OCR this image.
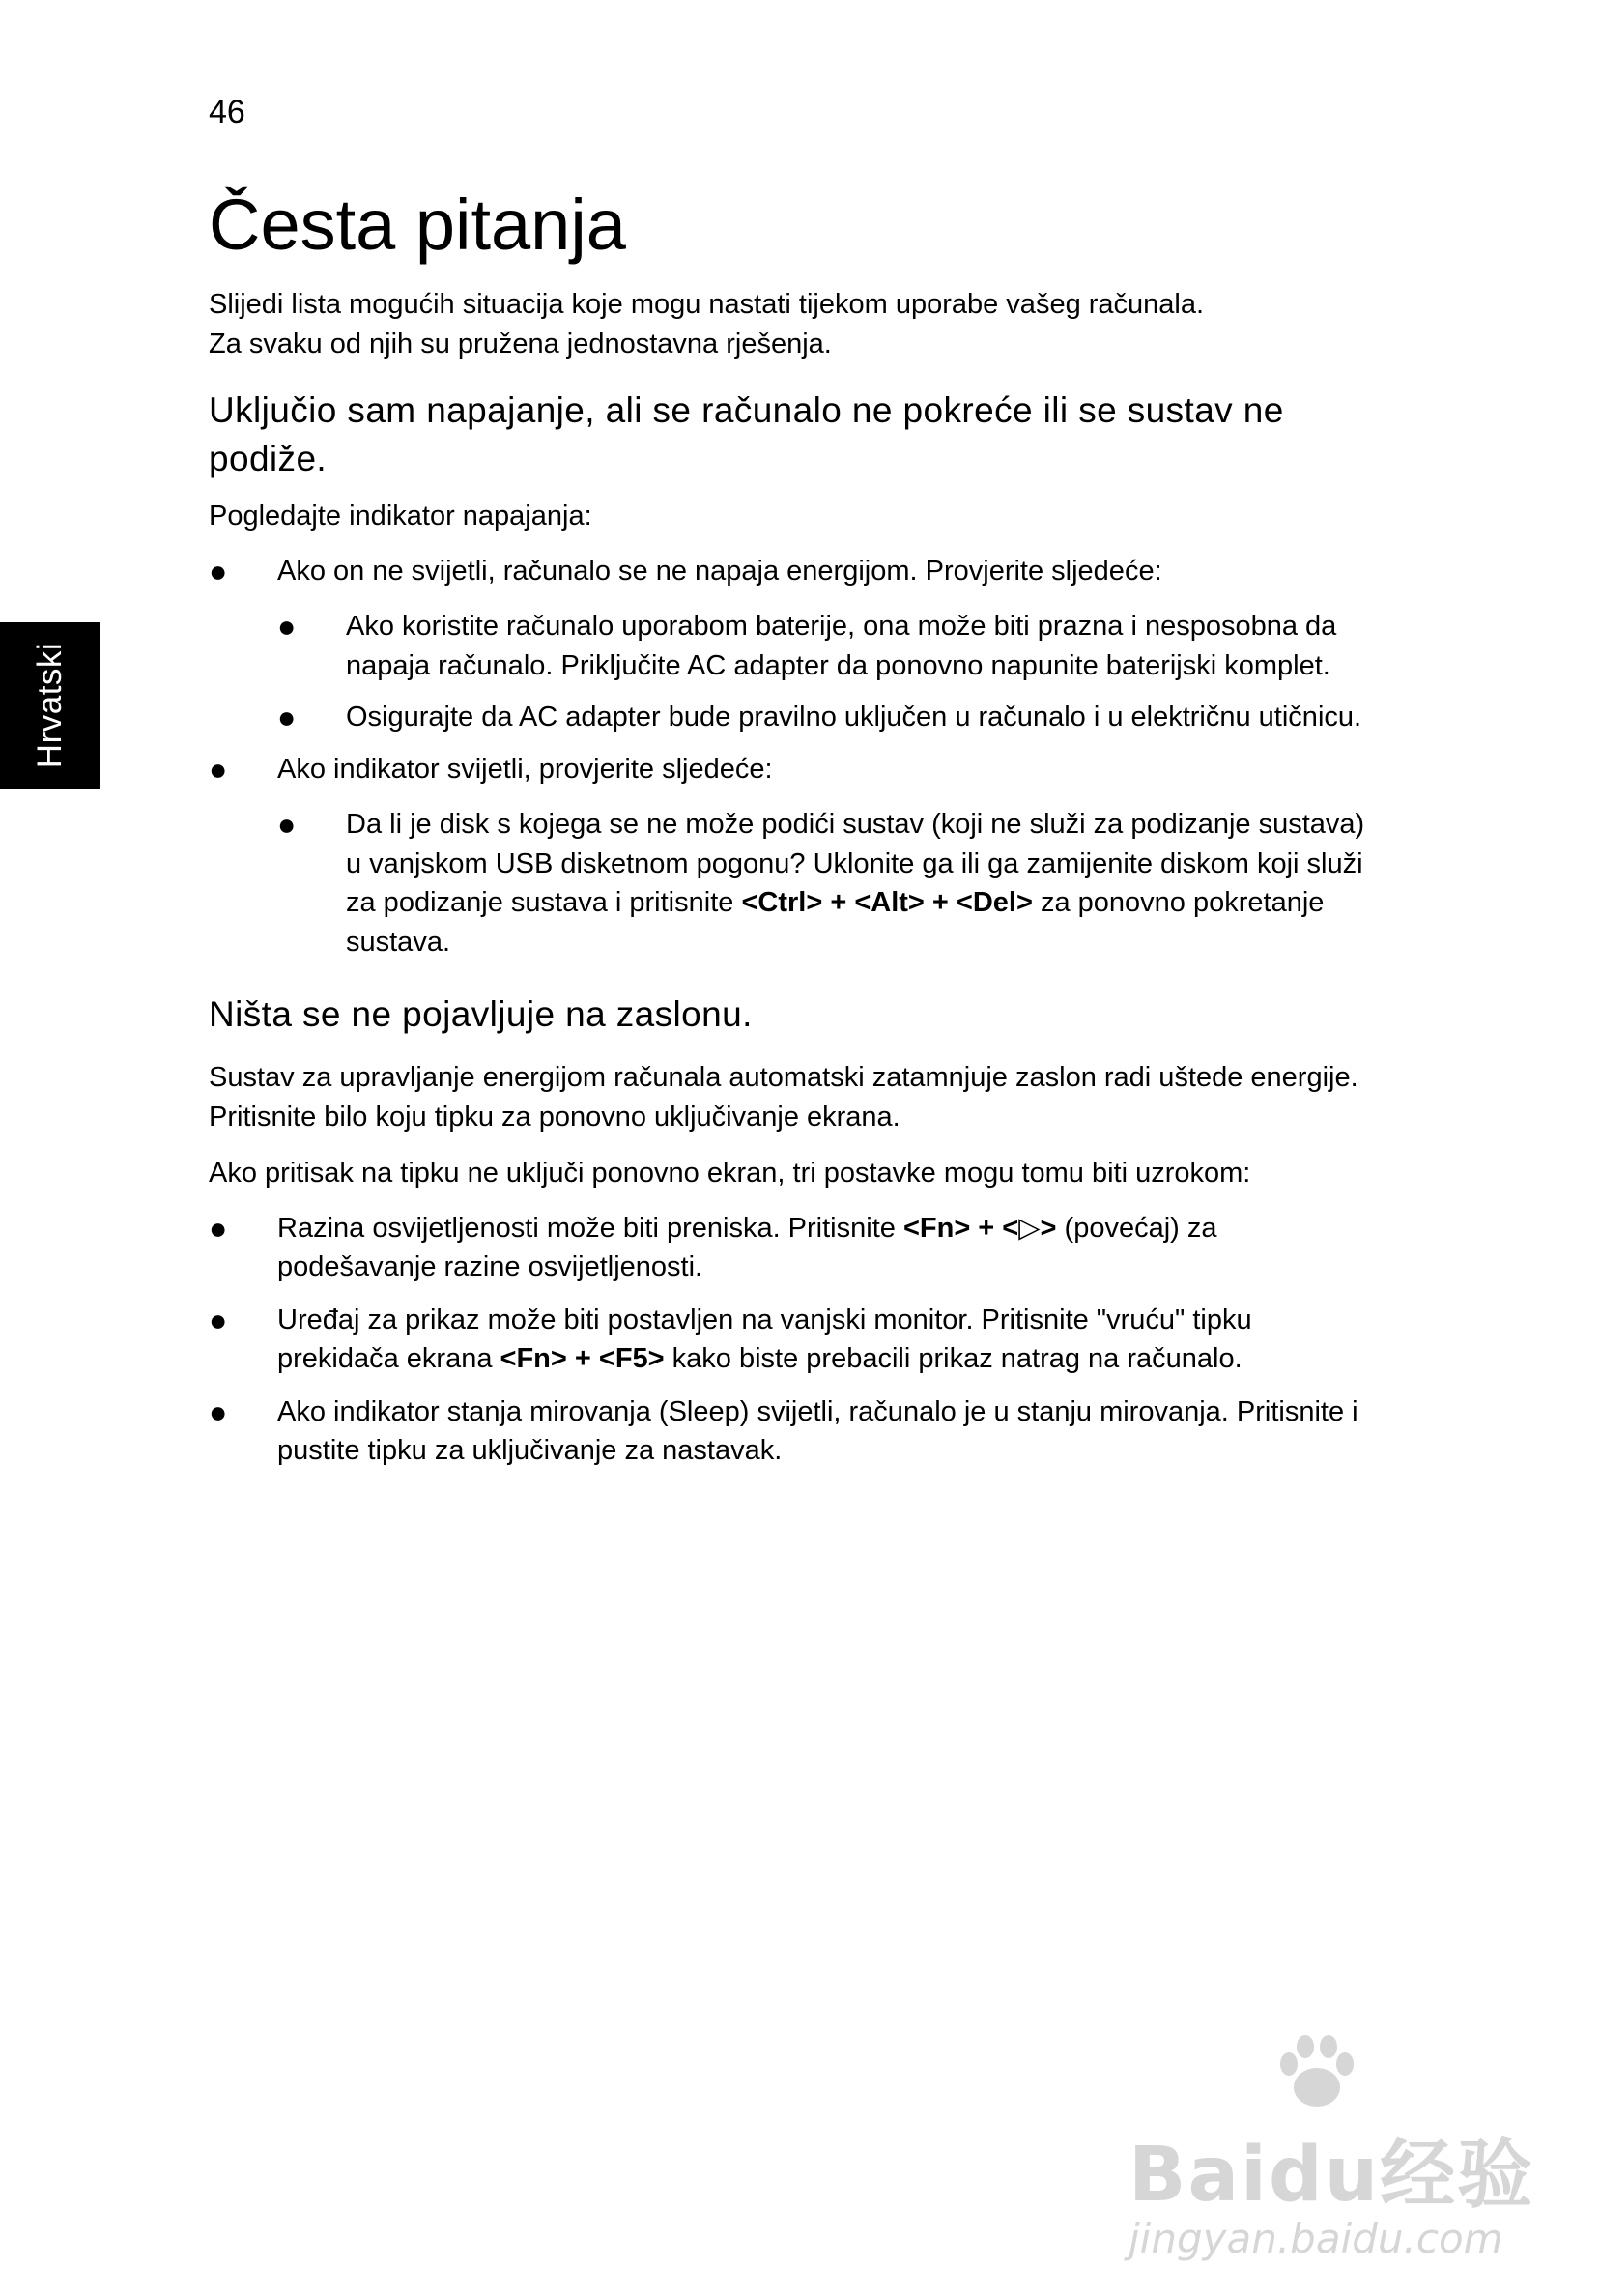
46
Hrvatski
Česta pitanja

Slijedi lista mogućih situacija koje mogu nastati tijekom uporabe vašeg računala.
Za svaku od njih su pružena jednostavna rješenja.

Uključio sam napajanje, ali se računalo ne pokreće ili se sustav ne podiže.

Pogledajte indikator napajanja:

●	Ako on ne svijetli, računalo se ne napaja energijom. Provjerite sljedeće:
●	Ako koristite računalo uporabom baterije, ona može biti prazna i nesposobna da napaja računalo. Priključite AC adapter da ponovno napunite baterijski komplet.
●	Osigurajte da AC adapter bude pravilno uključen u računalo i u električnu utičnicu.
●	Ako indikator svijetli, provjerite sljedeće:
●	Da li je disk s kojega se ne može podići sustav (koji ne služi za podizanje sustava) u vanjskom USB disketnom pogonu? Uklonite ga ili ga zamijenite diskom koji služi za podizanje sustava i pritisnite <Ctrl> + <Alt> + <Del> za ponovno pokretanje sustava.
Ništa se ne pojavljuje na zaslonu.

Sustav za upravljanje energijom računala automatski zatamnjuje zaslon radi uštede energije. Pritisnite bilo koju tipku za ponovno uključivanje ekrana.

Ako pritisak na tipku ne uključi ponovno ekran, tri postavke mogu tomu biti uzrokom:

●	Razina osvijetljenosti može biti preniska. Pritisnite <Fn> + <▷> (povećaj) za podešavanje razine osvijetljenosti.
●	Uređaj za prikaz može biti postavljen na vanjski monitor. Pritisnite "vruću" tipku prekidača ekrana <Fn> + <F5> kako biste prebacili prikaz natrag na računalo.
●	Ako indikator stanja mirovanja (Sleep) svijetli, računalo je u stanju mirovanja. Pritisnite i pustite tipku za uključivanje za nastavak.
Baidu经验
jingyan.baidu.com
